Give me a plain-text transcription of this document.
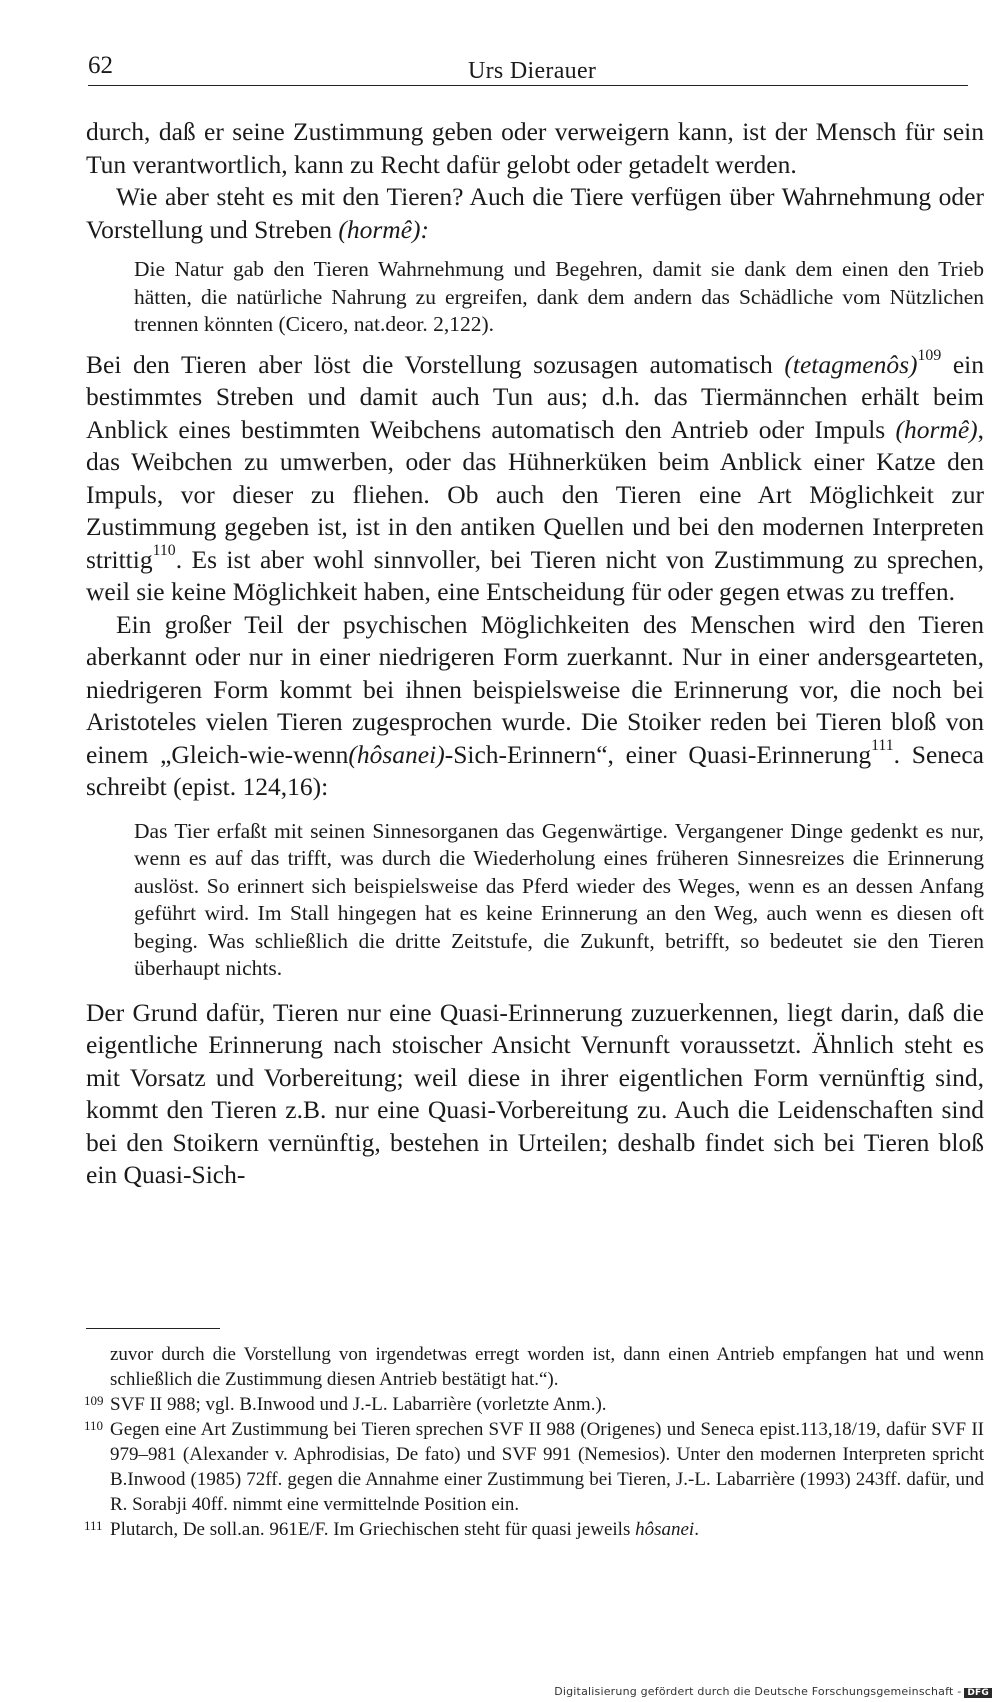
62	Urs Dierauer

durch, daß er seine Zustimmung geben oder verweigern kann, ist der Mensch für sein Tun verantwortlich, kann zu Recht dafür gelobt oder getadelt werden.

Wie aber steht es mit den Tieren? Auch die Tiere verfügen über Wahrnehmung oder Vorstellung und Streben (hormê):

Die Natur gab den Tieren Wahrnehmung und Begehren, damit sie dank dem einen den Trieb hätten, die natürliche Nahrung zu ergreifen, dank dem andern das Schädliche vom Nützlichen trennen könnten (Cicero, nat.deor. 2,122).

Bei den Tieren aber löst die Vorstellung sozusagen automatisch (tetagmenôs)$^{109}$ ein bestimmtes Streben und damit auch Tun aus; d.h. das Tiermännchen erhält beim Anblick eines bestimmten Weibchens automatisch den Antrieb oder Impuls (hormê), das Weibchen zu umwerben, oder das Hühnerküken beim Anblick einer Katze den Impuls, vor dieser zu fliehen. Ob auch den Tieren eine Art Möglichkeit zur Zustimmung gegeben ist, ist in den antiken Quellen und bei den modernen Interpreten strittig$^{110}$. Es ist aber wohl sinnvoller, bei Tieren nicht von Zustimmung zu sprechen, weil sie keine Möglichkeit haben, eine Entscheidung für oder gegen etwas zu treffen.

Ein großer Teil der psychischen Möglichkeiten des Menschen wird den Tieren aberkannt oder nur in einer niedrigeren Form zuerkannt. Nur in einer andersgearteten, niedrigeren Form kommt bei ihnen beispielsweise die Erinnerung vor, die noch bei Aristoteles vielen Tieren zugesprochen wurde. Die Stoiker reden bei Tieren bloß von einem „Gleich-wie-wenn(hôsanei)-Sich-Erinnern“, einer Quasi-Erinnerung$^{111}$. Seneca schreibt (epist. 124,16):

Das Tier erfaßt mit seinen Sinnesorganen das Gegenwärtige. Vergangener Dinge gedenkt es nur, wenn es auf das trifft, was durch die Wiederholung eines früheren Sinnesreizes die Erinnerung auslöst. So erinnert sich beispielsweise das Pferd wieder des Weges, wenn es an dessen Anfang geführt wird. Im Stall hingegen hat es keine Erinnerung an den Weg, auch wenn es diesen oft beging. Was schließlich die dritte Zeitstufe, die Zukunft, betrifft, so bedeutet sie den Tieren überhaupt nichts.

Der Grund dafür, Tieren nur eine Quasi-Erinnerung zuzuerkennen, liegt darin, daß die eigentliche Erinnerung nach stoischer Ansicht Vernunft voraussetzt. Ähnlich steht es mit Vorsatz und Vorbereitung; weil diese in ihrer eigentlichen Form vernünftig sind, kommt den Tieren z.B. nur eine Quasi-Vorbereitung zu. Auch die Leidenschaften sind bei den Stoikern vernünftig, bestehen in Urteilen; deshalb findet sich bei Tieren bloß ein Quasi-Sich-

zuvor durch die Vorstellung von irgendetwas erregt worden ist, dann einen Antrieb empfangen hat und wenn schließlich die Zustimmung diesen Antrieb bestätigt hat.“).

109 SVF II 988; vgl. B.Inwood und J.-L. Labarrière (vorletzte Anm.).

110 Gegen eine Art Zustimmung bei Tieren sprechen SVF II 988 (Origenes) und Seneca epist.113,18/19, dafür SVF II 979–981 (Alexander v. Aphrodisias, De fato) und SVF 991 (Nemesios). Unter den modernen Interpreten spricht B.Inwood (1985) 72ff. gegen die Annahme einer Zustimmung bei Tieren, J.-L. Labarrière (1993) 243ff. dafür, und R. Sorabji 40ff. nimmt eine vermittelnde Position ein.

111 Plutarch, De soll.an. 961E/F. Im Griechischen steht für quasi jeweils hôsanei.

Digitalisierung gefördert durch die Deutsche Forschungsgemeinschaft - DFG
